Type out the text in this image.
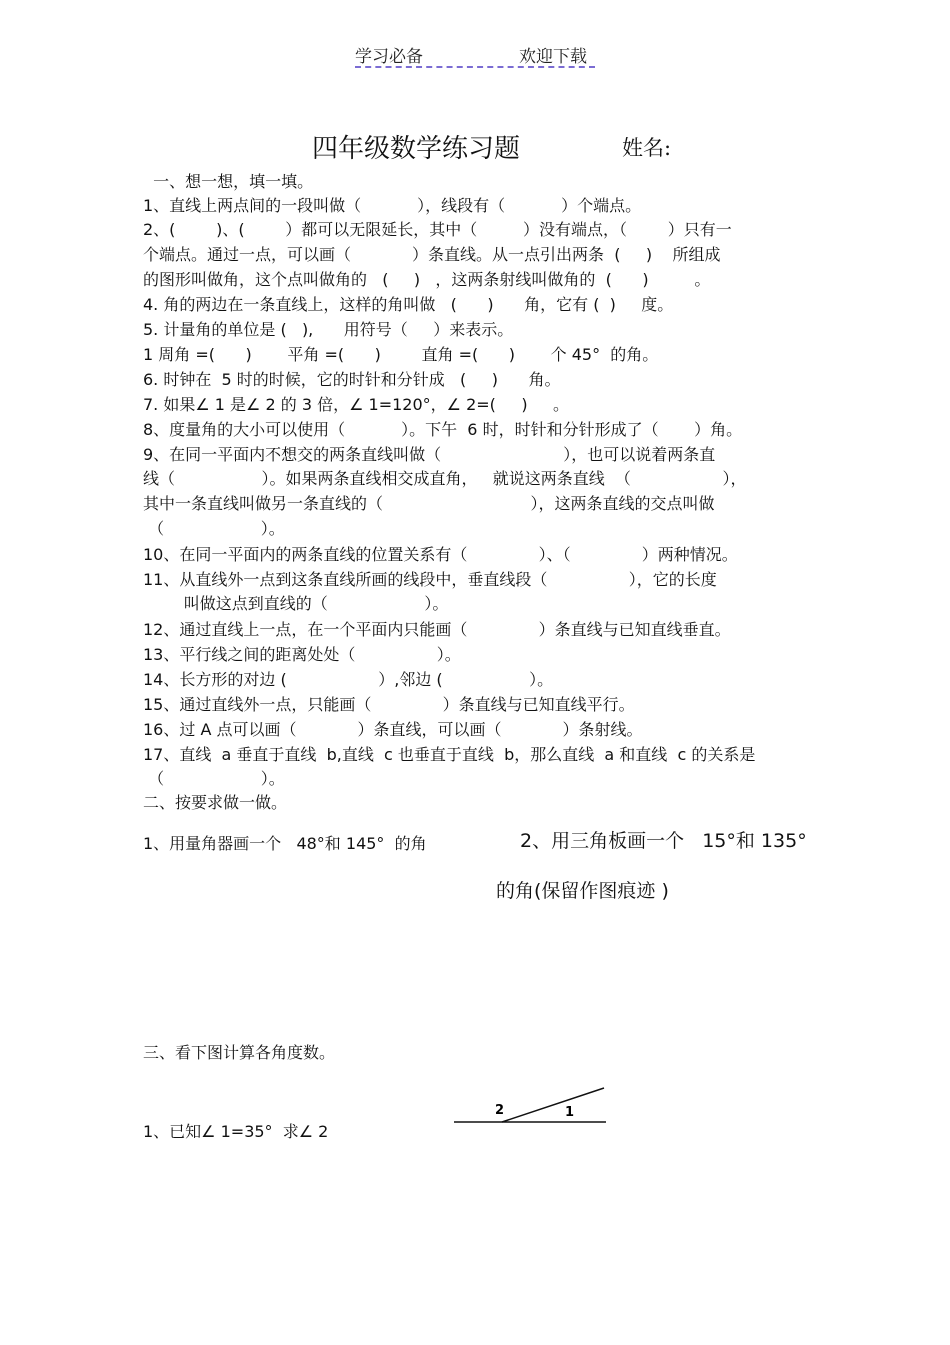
学习必备	欢迎下载
四年级数学练习题	姓名:
一、想一想，填一填。
1、直线上两点间的一段叫做（           ），线段有（           ）个端点。
2、(        )、(        ）都可以无限延长，其中（         ）没有端点，（        ）只有一
个端点。通过一点，可以画（            ）条直线。从一点引出两条  (     )    所组成
的图形叫做角，这个点叫做角的   (     )   ，这两条射线叫做角的  (      )         。
4. 角的两边在一条直线上，这样的角叫做   (      )      角，它有 (  )     度。
5. 计量角的单位是 (   ),      用符号（     ）来表示。
1 周角 =(      )       平角 =(      )        直角 =(      )       个 45°  的角。
6. 时钟在  5 时的时候，它的时针和分针成   (     )      角。
7. 如果∠ 1 是∠ 2 的 3 倍，∠ 1=120°，∠ 2=(     )     。
8、度量角的大小可以使用（           ）。下午  6 时，时针和分针形成了（       ）角。
9、在同一平面内不想交的两条直线叫做（                        ），也可以说着两条直
线（                 ）。如果两条直线相交成直角，   就说这两条直线  （                  ），
其中一条直线叫做另一条直线的（                             ），这两条直线的交点叫做
（                   ）。
10、在同一平面内的两条直线的位置关系有（              ）、（              ）两种情况。
11、从直线外一点到这条直线所画的线段中，垂直线段（                ），它的长度
叫做这点到直线的（                   ）。
12、通过直线上一点，在一个平面内只能画（              ）条直线与已知直线垂直。
13、平行线之间的距离处处（                ）。
14、长方形的对边 (                  ）,邻边 (                 ）。
15、通过直线外一点，只能画（              ）条直线与已知直线平行。
16、过 A 点可以画（            ）条直线，可以画（            ）条射线。
17、直线  a 垂直于直线  b,直线  c 也垂直于直线  b，那么直线  a 和直线  c 的关系是
（                   ）。
二、按要求做一做。
1、用量角器画一个   48°和 145°  的角	2、用三角板画一个   15°和 135°
的角(保留作图痕迹 )
三、看下图计算各角度数。
1、已知∠ 1=35°  求∠ 2
2	1
